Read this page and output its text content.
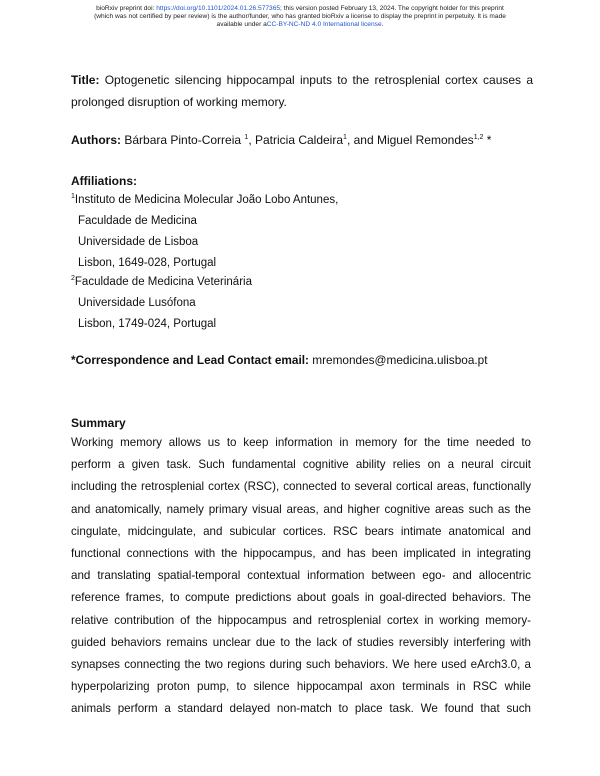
bioRxiv preprint doi: https://doi.org/10.1101/2024.01.26.577365; this version posted February 13, 2024. The copyright holder for this preprint
(which was not certified by peer review) is the author/funder, who has granted bioRxiv a license to display the preprint in perpetuity. It is made
available under aCC-BY-NC-ND 4.0 International license.
Title: Optogenetic silencing hippocampal inputs to the retrosplenial cortex causes a prolonged disruption of working memory.
Authors: Bárbara Pinto-Correia $^1$, Patricia Caldeira$^1$, and Miguel Remondes$^{1,2}$ *
Affiliations:
$^1$Instituto de Medicina Molecular João Lobo Antunes,
Faculdade de Medicina
Universidade de Lisboa
Lisbon, 1649-028, Portugal
$^2$Faculdade de Medicina Veterinária
Universidade Lusófona
Lisbon, 1749-024, Portugal
*Correspondence and Lead Contact email: mremondes@medicina.ulisboa.pt
Summary
Working memory allows us to keep information in memory for the time needed to
perform a given task. Such fundamental cognitive ability relies on a neural circuit
including the retrosplenial cortex (RSC), connected to several cortical areas, functionally
and anatomically, namely primary visual areas, and higher cognitive areas such as the
cingulate, midcingulate, and subicular cortices. RSC bears intimate anatomical and
functional connections with the hippocampus, and has been implicated in integrating
and translating spatial-temporal contextual information between ego- and allocentric
reference frames, to compute predictions about goals in goal-directed behaviors. The
relative contribution of the hippocampus and retrosplenial cortex in working memory-
guided behaviors remains unclear due to the lack of studies reversibly interfering with
synapses connecting the two regions during such behaviors. We here used eArch3.0, a
hyperpolarizing proton pump, to silence hippocampal axon terminals in RSC while
animals perform a standard delayed non-match to place task. We found that such
